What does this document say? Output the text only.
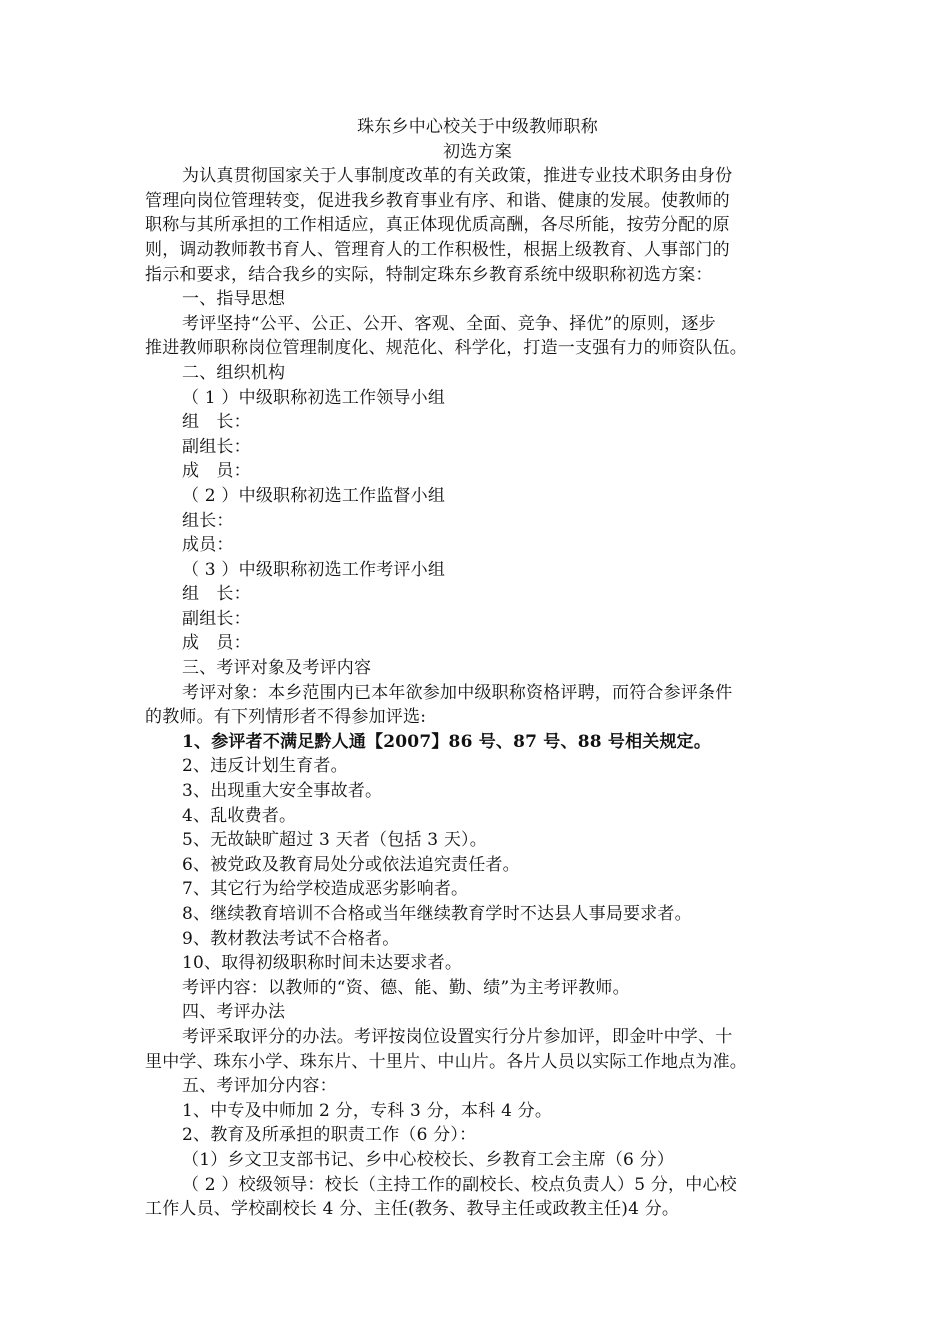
珠东乡中心校关于中级教师职称
初选方案
为认真贯彻国家关于人事制度改革的有关政策，推进专业技术职务由身份
管理向岗位管理转变，促进我乡教育事业有序、和谐、健康的发展。使教师的
职称与其所承担的工作相适应，真正体现优质高酬，各尽所能，按劳分配的原
则，调动教师教书育人、管理育人的工作积极性，根据上级教育、人事部门的
指示和要求，结合我乡的实际，特制定珠东乡教育系统中级职称初选方案：
一、指导思想
考评坚持“公平、公正、公开、客观、全面、竞争、择优”的原则，逐步
推进教师职称岗位管理制度化、规范化、科学化，打造一支强有力的师资队伍。
二、组织机构
（ 1 ）中级职称初选工作领导小组
组　长：
副组长：
成　员：
（ 2 ）中级职称初选工作监督小组
组长：
成员：
（ 3 ）中级职称初选工作考评小组
组　长：
副组长：
成　员：
三、考评对象及考评内容
考评对象：本乡范围内已本年欲参加中级职称资格评聘，而符合参评条件
的教师。有下列情形者不得参加评选:
1、参评者不满足黔人通【2007】86 号、87 号、88 号相关规定。
2、违反计划生育者。
3、出现重大安全事故者。
4、乱收费者。
5、无故缺旷超过 3 天者（包括 3 天）。
6、被党政及教育局处分或依法追究责任者。
7、其它行为给学校造成恶劣影响者。
8、继续教育培训不合格或当年继续教育学时不达县人事局要求者。
9、教材教法考试不合格者。
10、取得初级职称时间未达要求者。
考评内容：以教师的“资、德、能、勤、绩”为主考评教师。
四、考评办法
考评采取评分的办法。考评按岗位设置实行分片参加评，即金叶中学、十
里中学、珠东小学、珠东片、十里片、中山片。各片人员以实际工作地点为准。
五、考评加分内容：
1、中专及中师加 2 分，专科 3 分，本科 4 分。
2、教育及所承担的职责工作（6 分）：
（1）乡文卫支部书记、乡中心校校长、乡教育工会主席（6 分）
（ 2 ）校级领导：校长（主持工作的副校长、校点负责人）5 分，中心校
工作人员、学校副校长 4 分、主任(教务、教导主任或政教主任)4 分。
